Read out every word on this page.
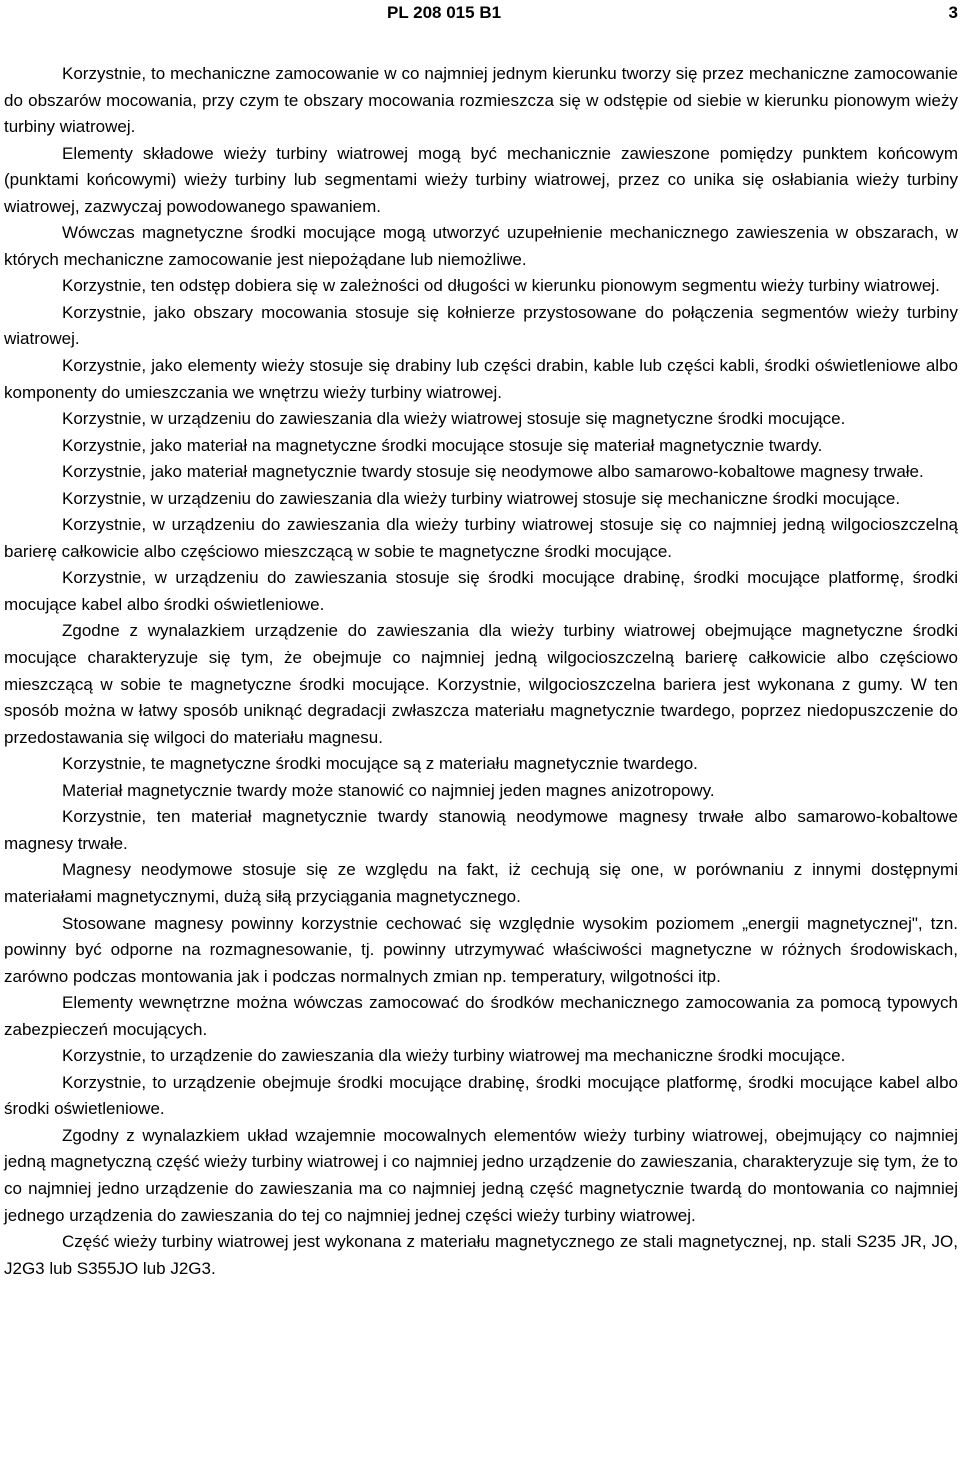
PL 208 015 B1	3

Korzystnie, to mechaniczne zamocowanie w co najmniej jednym kierunku tworzy się przez mechaniczne zamocowanie do obszarów mocowania, przy czym te obszary mocowania rozmieszcza się w odstępie od siebie w kierunku pionowym wieży turbiny wiatrowej.

Elementy składowe wieży turbiny wiatrowej mogą być mechanicznie zawieszone pomiędzy punktem końcowym (punktami końcowymi) wieży turbiny lub segmentami wieży turbiny wiatrowej, przez co unika się osłabiania wieży turbiny wiatrowej, zazwyczaj powodowanego spawaniem.

Wówczas magnetyczne środki mocujące mogą utworzyć uzupełnienie mechanicznego zawieszenia w obszarach, w których mechaniczne zamocowanie jest niepożądane lub niemożliwe.

Korzystnie, ten odstęp dobiera się w zależności od długości w kierunku pionowym segmentu wieży turbiny wiatrowej.

Korzystnie, jako obszary mocowania stosuje się kołnierze przystosowane do połączenia segmentów wieży turbiny wiatrowej.

Korzystnie, jako elementy wieży stosuje się drabiny lub części drabin, kable lub części kabli, środki oświetleniowe albo komponenty do umieszczania we wnętrzu wieży turbiny wiatrowej.

Korzystnie, w urządzeniu do zawieszania dla wieży wiatrowej stosuje się magnetyczne środki mocujące.

Korzystnie, jako materiał na magnetyczne środki mocujące stosuje się materiał magnetycznie twardy.

Korzystnie, jako materiał magnetycznie twardy stosuje się neodymowe albo samarowo-kobaltowe magnesy trwałe.

Korzystnie, w urządzeniu do zawieszania dla wieży turbiny wiatrowej stosuje się mechaniczne środki mocujące.

Korzystnie, w urządzeniu do zawieszania dla wieży turbiny wiatrowej stosuje się co najmniej jedną wilgocioszczelną barierę całkowicie albo częściowo mieszczącą w sobie te magnetyczne środki mocujące.

Korzystnie, w urządzeniu do zawieszania stosuje się środki mocujące drabinę, środki mocujące platformę, środki mocujące kabel albo środki oświetleniowe.

Zgodne z wynalazkiem urządzenie do zawieszania dla wieży turbiny wiatrowej obejmujące magnetyczne środki mocujące charakteryzuje się tym, że obejmuje co najmniej jedną wilgocioszczelną barierę całkowicie albo częściowo mieszczącą w sobie te magnetyczne środki mocujące. Korzystnie, wilgocioszczelna bariera jest wykonana z gumy. W ten sposób można w łatwy sposób uniknąć degradacji zwłaszcza materiału magnetycznie twardego, poprzez niedopuszczenie do przedostawania się wilgoci do materiału magnesu.

Korzystnie, te magnetyczne środki mocujące są z materiału magnetycznie twardego.

Materiał magnetycznie twardy może stanowić co najmniej jeden magnes anizotropowy.

Korzystnie, ten materiał magnetycznie twardy stanowią neodymowe magnesy trwałe albo samarowo-kobaltowe magnesy trwałe.

Magnesy neodymowe stosuje się ze względu na fakt, iż cechują się one, w porównaniu z innymi dostępnymi materiałami magnetycznymi, dużą siłą przyciągania magnetycznego.

Stosowane magnesy powinny korzystnie cechować się względnie wysokim poziomem „energii magnetycznej", tzn. powinny być odporne na rozmagnesowanie, tj. powinny utrzymywać właściwości magnetyczne w różnych środowiskach, zarówno podczas montowania jak i podczas normalnych zmian np. temperatury, wilgotności itp.

Elementy wewnętrzne można wówczas zamocować do środków mechanicznego zamocowania za pomocą typowych zabezpieczeń mocujących.

Korzystnie, to urządzenie do zawieszania dla wieży turbiny wiatrowej ma mechaniczne środki mocujące.

Korzystnie, to urządzenie obejmuje środki mocujące drabinę, środki mocujące platformę, środki mocujące kabel albo środki oświetleniowe.

Zgodny z wynalazkiem układ wzajemnie mocowalnych elementów wieży turbiny wiatrowej, obejmujący co najmniej jedną magnetyczną część wieży turbiny wiatrowej i co najmniej jedno urządzenie do zawieszania, charakteryzuje się tym, że to co najmniej jedno urządzenie do zawieszania ma co najmniej jedną część magnetycznie twardą do montowania co najmniej jednego urządzenia do zawieszania do tej co najmniej jednej części wieży turbiny wiatrowej.

Część wieży turbiny wiatrowej jest wykonana z materiału magnetycznego ze stali magnetycznej, np. stali S235 JR, JO, J2G3 lub S355JO lub J2G3.
